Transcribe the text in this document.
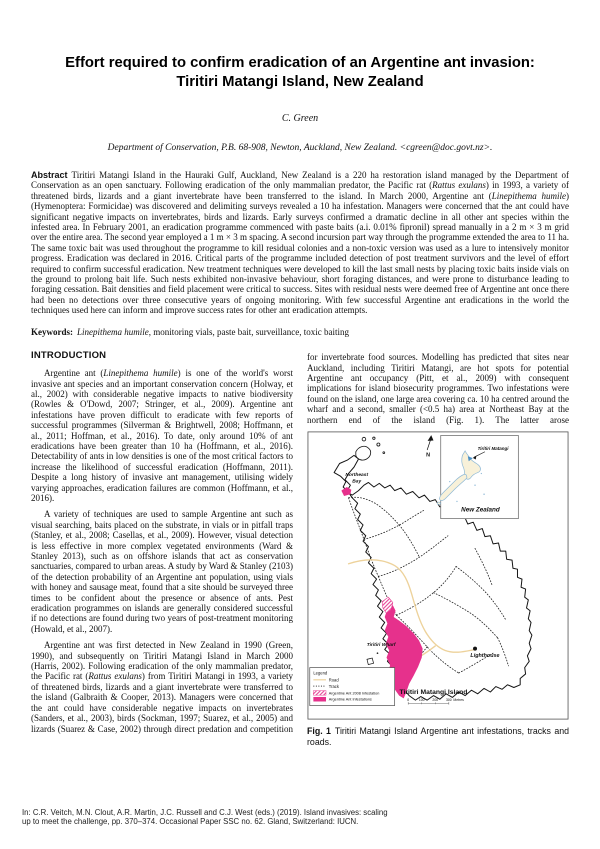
Effort required to confirm eradication of an Argentine ant invasion:
Tiritiri Matangi Island, New Zealand
C. Green
Department of Conservation, P.B. 68-908, Newton, Auckland, New Zealand. <cgreen@doc.govt.nz>.

Abstract Tiritiri Matangi Island in the Hauraki Gulf, Auckland, New Zealand is a 220 ha restoration island managed by the Department of Conservation as an open sanctuary. Following eradication of the only mammalian predator, the Pacific rat (Rattus exulans) in 1993, a variety of threatened birds, lizards and a giant invertebrate have been transferred to the island. In March 2000, Argentine ant (Linepithema humile) (Hymenoptera: Formicidae) was discovered and delimiting surveys revealed a 10 ha infestation. Managers were concerned that the ant could have significant negative impacts on invertebrates, birds and lizards. Early surveys confirmed a dramatic decline in all other ant species within the infested area. In February 2001, an eradication programme commenced with paste baits (a.i. 0.01% fipronil) spread manually in a 2 m × 3 m grid over the entire area. The second year employed a 1 m × 3 m spacing. A second incursion part way through the programme extended the area to 11 ha. The same toxic bait was used throughout the programme to kill residual colonies and a non-toxic version was used as a lure to intensively monitor progress. Eradication was declared in 2016. Critical parts of the programme included detection of post treatment survivors and the level of effort required to confirm successful eradication. New treatment techniques were developed to kill the last small nests by placing toxic baits inside vials on the ground to prolong bait life. Such nests exhibited non-invasive behaviour, short foraging distances, and were prone to disturbance leading to foraging cessation. Bait densities and field placement were critical to success. Sites with residual nests were deemed free of Argentine ant once there had been no detections over three consecutive years of ongoing monitoring. With few successful Argentine ant eradications in the world the techniques used here can inform and improve success rates for other ant eradication attempts.

Keywords: Linepithema humile, monitoring vials, paste bait, surveillance, toxic baiting

INTRODUCTION

Argentine ant (Linepithema humile) is one of the world's worst invasive ant species and an important conservation concern (Holway, et al., 2002) with considerable negative impacts to native biodiversity (Rowles & O'Dowd, 2007; Stringer, et al., 2009). Argentine ant infestations have proven difficult to eradicate with few reports of successful programmes (Silverman & Brightwell, 2008; Hoffmann, et al., 2011; Hoffman, et al., 2016). To date, only around 10% of ant eradications have been greater than 10 ha (Hoffmann, et al., 2016). Detectability of ants in low densities is one of the most critical factors to increase the likelihood of successful eradication (Hoffmann, 2011). Despite a long history of invasive ant management, utilising widely varying approaches, eradication failures are common (Hoffmann, et al., 2016).

A variety of techniques are used to sample Argentine ant such as visual searching, baits placed on the substrate, in vials or in pitfall traps (Stanley, et al., 2008; Casellas, et al., 2009). However, visual detection is less effective in more complex vegetated environments (Ward & Stanley 2013), such as on offshore islands that act as conservation sanctuaries, compared to urban areas. A study by Ward & Stanley (2103) of the detection probability of an Argentine ant population, using vials with honey and sausage meat, found that a site should be surveyed three times to be confident about the presence or absence of ants. Pest eradication programmes on islands are generally considered successful if no detections are found during two years of post-treatment monitoring (Howald, et al., 2007).

Argentine ant was first detected in New Zealand in 1990 (Green, 1990), and subsequently on Tiritiri Matangi Island in March 2000 (Harris, 2002). Following eradication of the only mammalian predator, the Pacific rat (Rattus exulans) from Tiritiri Matangi in 1993, a variety of threatened birds, lizards and a giant invertebrate were transferred to the island (Galbraith & Cooper, 2013). Managers were concerned that the ant could have considerable negative impacts on invertebrates (Sanders, et al., 2003), birds (Sockman, 1997; Suarez, et al., 2005) and lizards (Suarez & Case, 2002) through direct predation and competition

for invertebrate food sources. Modelling has predicted that sites near Auckland, including Tiritiri Matangi, are hot spots for potential Argentine ant occupancy (Pitt, et al., 2009) with consequent implications for island biosecurity programmes. Two infestations were found on the island, one large area covering ca. 10 ha centred around the wharf and a second, smaller (<0.5 ha) area at Northeast Bay at the northern end of the island (Fig. 1). The latter arose

N
Northeast
Bay
Tiritiri Wharf
Lighthouse
Tiritiri Matangi Island
0	100 200 300 Metres
Legend
Road
Track
Argentine Ant 2008 Infestation
Argentine Ant Infestations
Tiritiri Matangi
New Zealand
Fig. 1 Tiritiri Matangi Island Argentine ant infestations, tracks and roads.
In: C.R. Veitch, M.N. Clout, A.R. Martin, J.C. Russell and C.J. West (eds.) (2019). Island invasives: scaling
up to meet the challenge, pp. 370–374. Occasional Paper SSC no. 62. Gland, Switzerland: IUCN.
